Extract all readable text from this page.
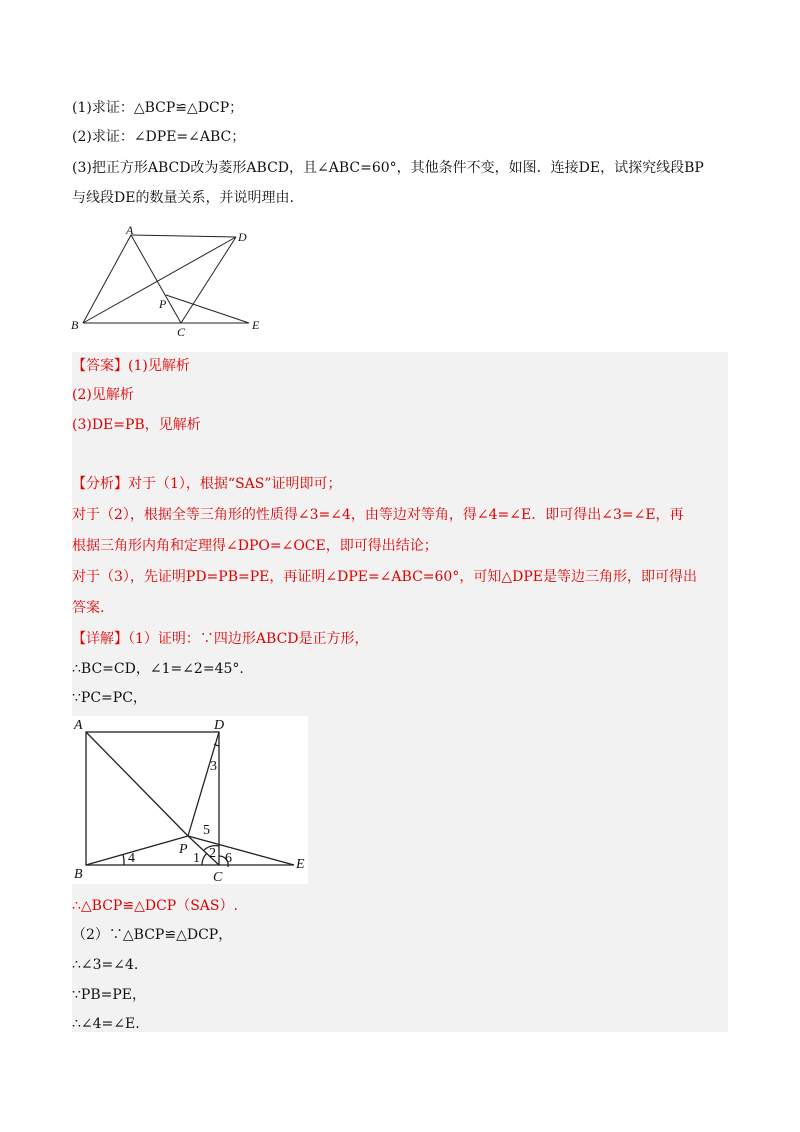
(1)求证：△BCP≌△DCP；
(2)求证：∠DPE=∠ABC；
(3)把正方形ABCD改为菱形ABCD，且∠ABC=60°，其他条件不变，如图．连接DE，试探究线段BP
与线段DE的数量关系，并说明理由.
A	D
P
B	C	E
【答案】(1)见解析
(2)见解析
(3)DE=PB，见解析
【分析】对于（1），根据“SAS”证明即可；
对于（2），根据全等三角形的性质得∠3=∠4，由等边对等角，得∠4=∠E．即可得出∠3=∠E，再
根据三角形内角和定理得∠DPO=∠OCE，即可得出结论；
对于（3），先证明PD=PB=PE，再证明∠DPE=∠ABC=60°，可知△DPE是等边三角形，即可得出
答案.
【详解】（1）证明：∵四边形ABCD是正方形，
∴BC=CD，∠1=∠2=45°.
∵PC=PC，
A	D
3
5
P
1 2 6
4
B	C
E
∴△BCP≌△DCP（SAS）.
（2）∵△BCP≌△DCP，
∴∠3=∠4.
∵PB=PE，
∴∠4=∠E.
